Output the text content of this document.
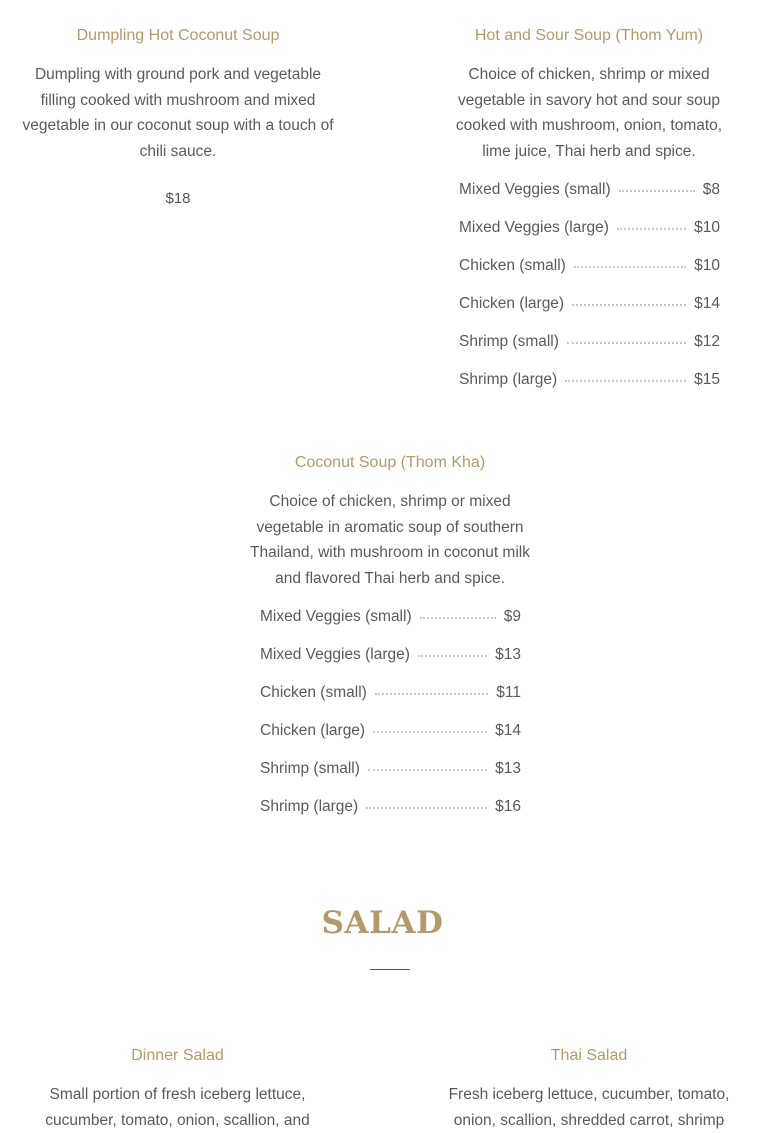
Dumpling Hot Coconut Soup

Dumpling with ground pork and vegetable filling cooked with mushroom and mixed vegetable in our coconut soup with a touch of chili sauce.

$18
Hot and Sour Soup (Thom Yum)

Choice of chicken, shrimp or mixed vegetable in savory hot and sour soup cooked with mushroom, onion, tomato, lime juice, Thai herb and spice.

Mixed Veggies (small)	$8
Mixed Veggies (large)	$10
Chicken (small)	$10
Chicken (large)	$14
Shrimp (small)	$12
Shrimp (large)	$15
Coconut Soup (Thom Kha)

Choice of chicken, shrimp or mixed vegetable in aromatic soup of southern Thailand, with mushroom in coconut milk and flavored Thai herb and spice.

Mixed Veggies (small)	$9
Mixed Veggies (large)	$13
Chicken (small)	$11
Chicken (large)	$14
Shrimp (small)	$13
Shrimp (large)	$16
SALAD
Dinner Salad

Small portion of fresh iceberg lettuce, cucumber, tomato, onion, scallion, and

Thai Salad

Fresh iceberg lettuce, cucumber, tomato, onion, scallion, shredded carrot, shrimp
